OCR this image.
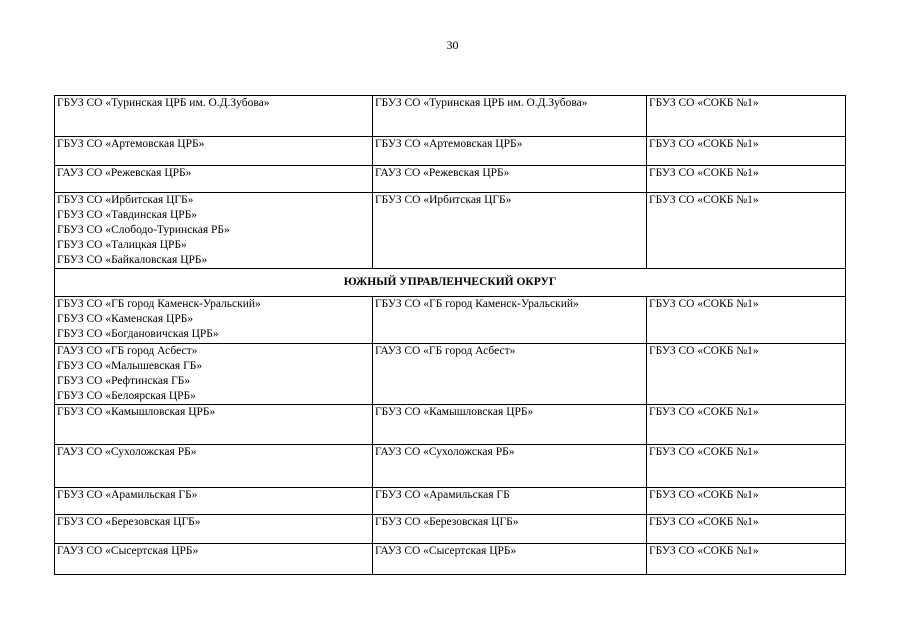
30
ГБУЗ СО «Туринская ЦРБ им. О.Д.Зубова»	ГБУЗ СО «Туринская ЦРБ им. О.Д.Зубова»	ГБУЗ СО «СОКБ №1»

ГБУЗ СО «Артемовская ЦРБ»	ГБУЗ СО «Артемовская ЦРБ»	ГБУЗ СО «СОКБ №1»

ГАУЗ СО «Режевская ЦРБ»	ГАУЗ СО «Режевская ЦРБ»	ГБУЗ СО «СОКБ №1»

ГБУЗ СО «Ирбитская ЦГБ»
ГБУЗ СО «Тавдинская ЦРБ»
ГБУЗ СО «Слободо-Туринская РБ»
ГБУЗ СО «Талицкая ЦРБ»
ГБУЗ СО «Байкаловская ЦРБ»	ГБУЗ СО «Ирбитская ЦГБ»	ГБУЗ СО «СОКБ №1»

ЮЖНЫЙ УПРАВЛЕНЧЕСКИЙ ОКРУГ		

ГБУЗ СО «ГБ город Каменск-Уральский»
ГБУЗ СО «Каменская ЦРБ»
ГБУЗ СО «Богдановичская ЦРБ»	ГБУЗ СО «ГБ город Каменск-Уральский»	ГБУЗ СО «СОКБ №1»

ГАУЗ СО «ГБ город Асбест»
ГБУЗ СО «Малышевская ГБ»
ГБУЗ СО «Рефтинская ГБ»
ГБУЗ СО «Белоярская ЦРБ»	ГАУЗ СО «ГБ город Асбест»	ГБУЗ СО «СОКБ №1»

ГБУЗ СО «Камышловская ЦРБ»	ГБУЗ СО «Камышловская ЦРБ»	ГБУЗ СО «СОКБ №1»

ГАУЗ СО «Сухоложская РБ»	ГАУЗ СО «Сухоложская РБ»	ГБУЗ СО «СОКБ №1»

ГБУЗ СО «Арамильская ГБ»	ГБУЗ СО «Арамильская ГБ	ГБУЗ СО «СОКБ №1»

ГБУЗ СО «Березовская ЦГБ»	ГБУЗ СО «Березовская ЦГБ»	ГБУЗ СО «СОКБ №1»

ГАУЗ СО «Сысертская ЦРБ»	ГАУЗ СО «Сысертская ЦРБ»	ГБУЗ СО «СОКБ №1»
